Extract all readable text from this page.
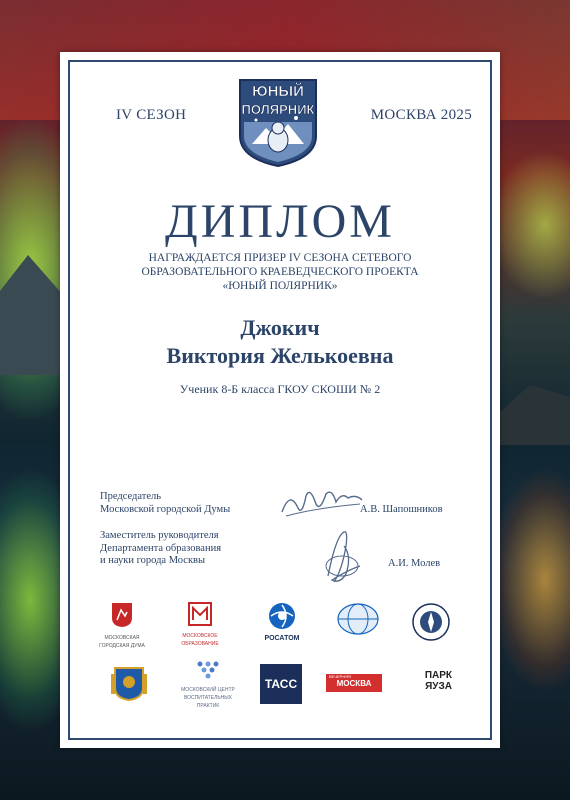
IV СЕЗОН	МОСКВА 2025
ЮНЫЙ
ПОЛЯРНИК
ДИПЛОМ
НАГРАЖДАЕТСЯ ПРИЗЕР IV СЕЗОНА СЕТЕВОГО
ОБРАЗОВАТЕЛЬНОГО КРАЕВЕДЧЕСКОГО ПРОЕКТА
«ЮНЫЙ ПОЛЯРНИК»
Джокич
Виктория Желькоевна
Ученик 8-Б класса ГКОУ СКОШИ № 2
Председатель
Московской городской Думы	А.В. Шапошников
Заместитель руководителя
Департамента образования
и науки города Москвы	А.И. Молев
МОСКОВСКАЯ
ГОРОДСКАЯ ДУМА
МОСКОВСКОЕ
ОБРАЗОВАНИЕ
РОСАТОМ
МОСКОВСКИЙ ЦЕНТР
ВОСПИТАТЕЛЬНЫХ
ПРАКТИК
ТАСС
ВЕЧЕРНЯЯ
МОСКВА
ПАРК
ЯУЗА
